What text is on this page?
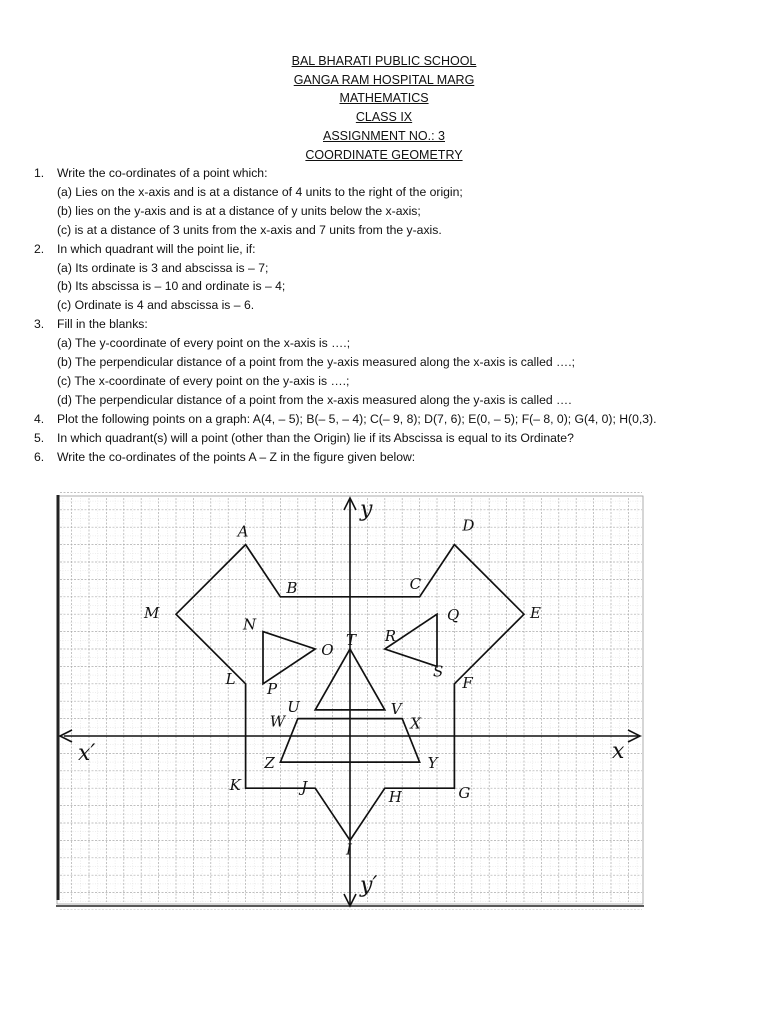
BAL BHARATI PUBLIC SCHOOL
GANGA RAM HOSPITAL MARG
MATHEMATICS
CLASS IX
ASSIGNMENT NO.: 3
COORDINATE GEOMETRY
1.	Write the co-ordinates of a point which:
(a) Lies on the x-axis and is at a distance of 4 units to the right of the origin;
(b) lies on the y-axis and is at a distance of y units below the x-axis;
(c) is at a distance of 3 units from the x-axis and 7 units from the y-axis.
2.	In which quadrant will the point lie, if:
(a) Its ordinate is 3 and abscissa is – 7;
(b) Its abscissa is – 10 and ordinate is – 4;
(c) Ordinate is 4 and abscissa is – 6.
3.	Fill in the blanks:
(a) The y-coordinate of every point on the x-axis is ….;
(b) The perpendicular distance of a point from the y-axis measured along the x-axis is called ….;
(c) The x-coordinate of every point on the y-axis is ….;
(d) The perpendicular distance of a point from the x-axis measured along the y-axis is called ….
4.	Plot the following points on a graph: A(4, – 5); B(– 5, – 4); C(– 9, 8); D(7, 6); E(0, – 5); F(– 8, 0); G(4, 0); H(0,3).
5.	In which quadrant(s) will a point (other than the Origin) lie if its Abscissa is equal to its Ordinate?
6.	Write the co-ordinates of the points A – Z in the figure given below:
A
B	C
D
E
F
G
H
I
J
K
L
M
N
O
P
Q
R
S
T
U	V
W	X
Y
Z	x
x′
y
y′
